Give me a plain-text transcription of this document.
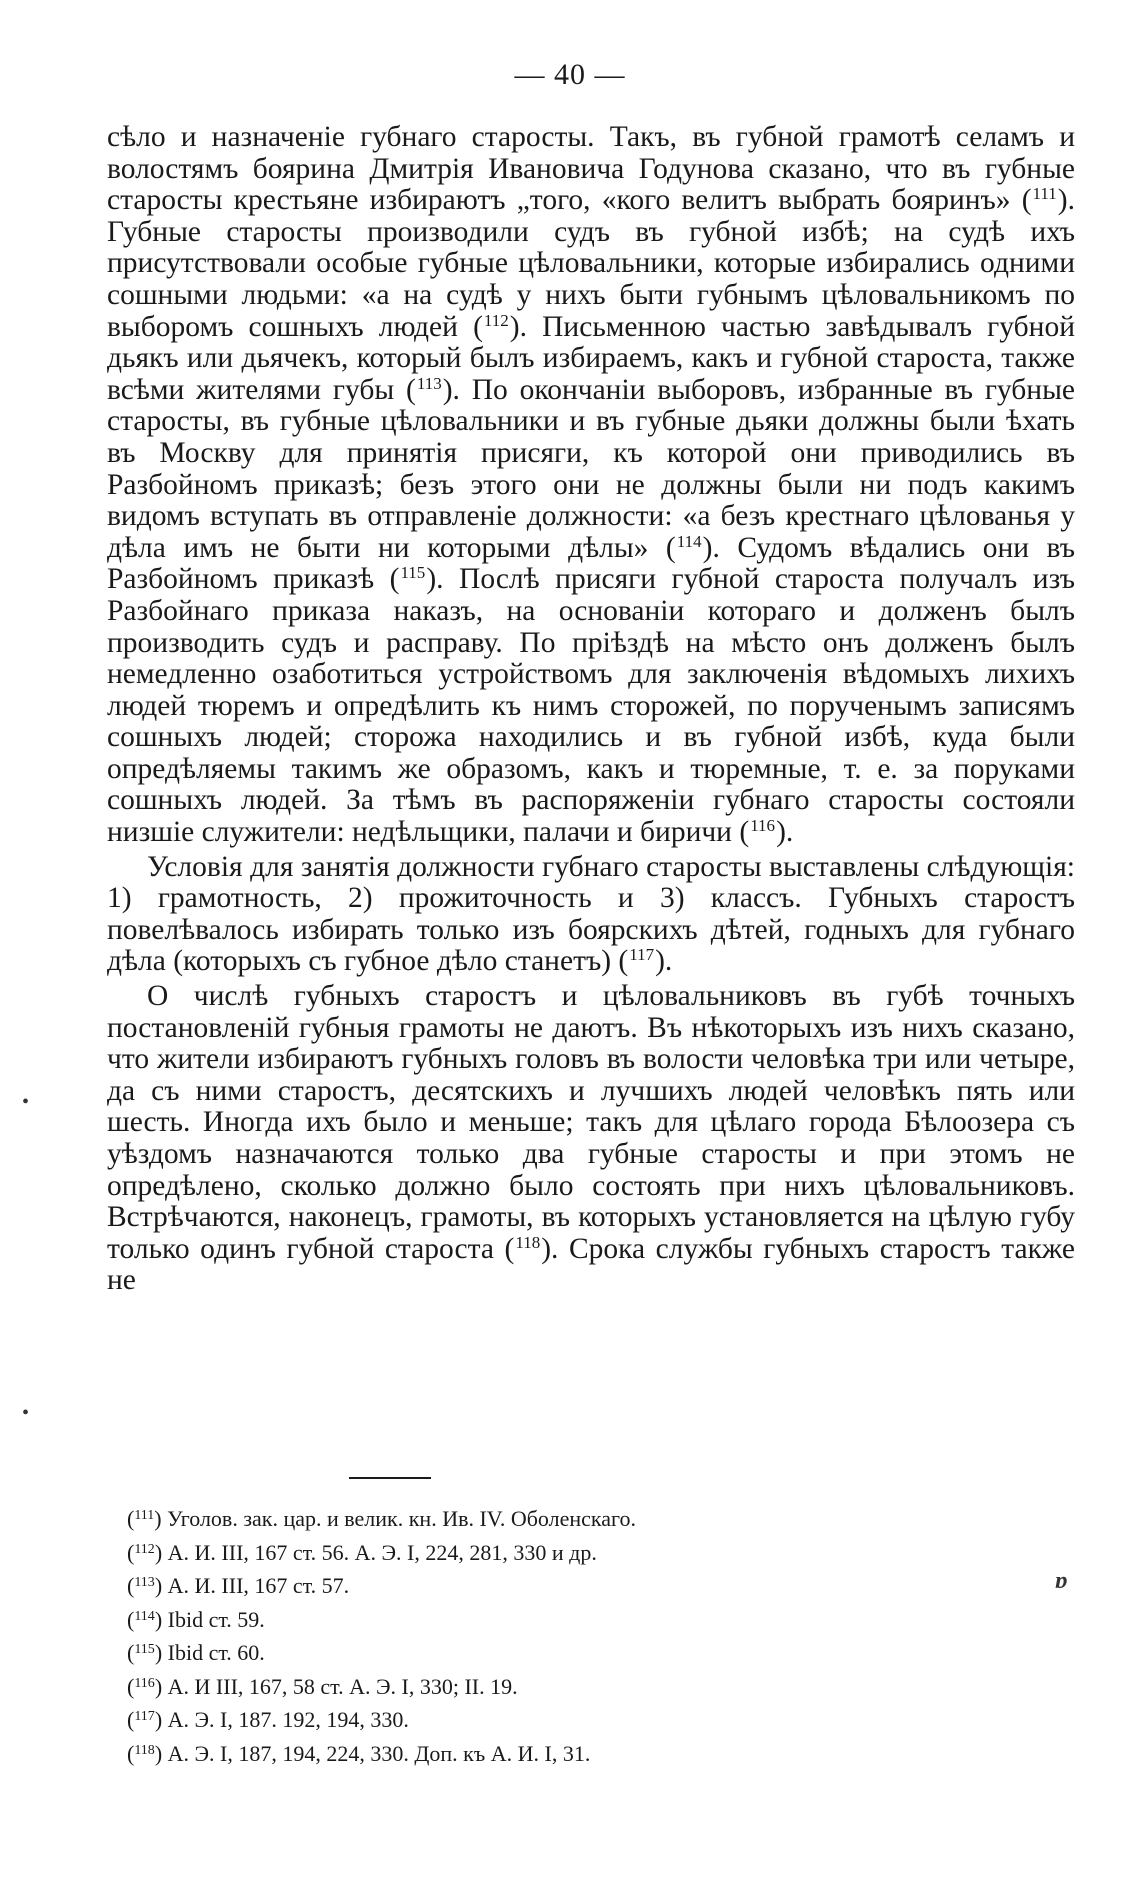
— 40 —

сѣло и назначеніе губнаго старосты. Такъ, въ губной грамотѣ селамъ и волостямъ боярина Дмитрія Ивановича Годунова сказано, что въ губные старосты крестьяне избираютъ „того, «кого велитъ выбрать бояринъ» ($^{111}$). Губные старосты производили судъ въ губной избѣ; на судѣ ихъ присутствовали особые губные цѣловальники, которые избирались одними сошными людьми: «а на судѣ у нихъ быти губнымъ цѣловальникомъ по выборомъ сошныхъ людей ($^{112}$). Письменною частью завѣдывалъ губной дьякъ или дьячекъ, который былъ избираемъ, какъ и губной староста, также всѣми жителями губы ($^{113}$). По окончаніи выборовъ, избранные въ губные старосты, въ губные цѣловальники и въ губные дьяки должны были ѣхать въ Москву для принятія присяги, къ которой они приводились въ Разбойномъ приказѣ; безъ этого они не должны были ни подъ какимъ видомъ вступать въ отправленіе должности: «а безъ крестнаго цѣлованья у дѣла имъ не быти ни которыми дѣлы» ($^{114}$). Судомъ вѣдались они въ Разбойномъ приказѣ ($^{115}$). Послѣ присяги губной староста получалъ изъ Разбойнаго приказа наказъ, на основаніи котораго и долженъ былъ производить судъ и расправу. По пріѣздѣ на мѣсто онъ долженъ былъ немедленно озаботиться устройствомъ для заключенія вѣдомыхъ лихихъ людей тюремъ и опредѣлить къ нимъ сторожей, по порученымъ записямъ сошныхъ людей; сторожа находились и въ губной избѣ, куда были опредѣляемы такимъ же образомъ, какъ и тюремные, т. е. за поруками сошныхъ людей. За тѣмъ въ распоряженіи губнаго старосты состояли низшіе служители: недѣльщики, палачи и биричи ($^{116}$).

Условія для занятія должности губнаго старосты выставлены слѣдующія: 1) грамотность, 2) прожиточность и 3) классъ. Губныхъ старостъ повелѣвалось избирать только изъ боярскихъ дѣтей, годныхъ для губнаго дѣла (которыхъ съ губное дѣло станетъ) ($^{117}$).

О числѣ губныхъ старостъ и цѣловальниковъ въ губѣ точныхъ постановленій губныя грамоты не даютъ. Въ нѣкоторыхъ изъ нихъ сказано, что жители избираютъ губныхъ головъ въ волости человѣка три или четыре, да съ ними старостъ, десятскихъ и лучшихъ людей человѣкъ пять или шесть. Иногда ихъ было и меньше; такъ для цѣлаго города Бѣлоозера съ уѣздомъ назначаются только два губные старосты и при этомъ не опредѣлено, сколько должно было состоять при нихъ цѣловальниковъ. Встрѣчаются, наконецъ, грамоты, въ которыхъ установляется на цѣлую губу только одинъ губной староста ($^{118}$). Срока службы губныхъ старостъ также не

($^{111}$) Уголов. зак. цар. и велик. кн. Ив. IV. Оболенскаго.
($^{112}$) А. И. III, 167 ст. 56. А. Э. I, 224, 281, 330 и др.
($^{113}$) А. И. III, 167 ст. 57.
($^{114}$) Ibid ст. 59.
($^{115}$) Ibid ст. 60.
($^{116}$) А. И III, 167, 58 ст. А. Э. I, 330; II. 19.
($^{117}$) А. Э. I, 187. 192, 194, 330.
($^{118}$) А. Э. I, 187, 194, 224, 330. Доп. къ А. И. I, 31.
•
•
ɒ
